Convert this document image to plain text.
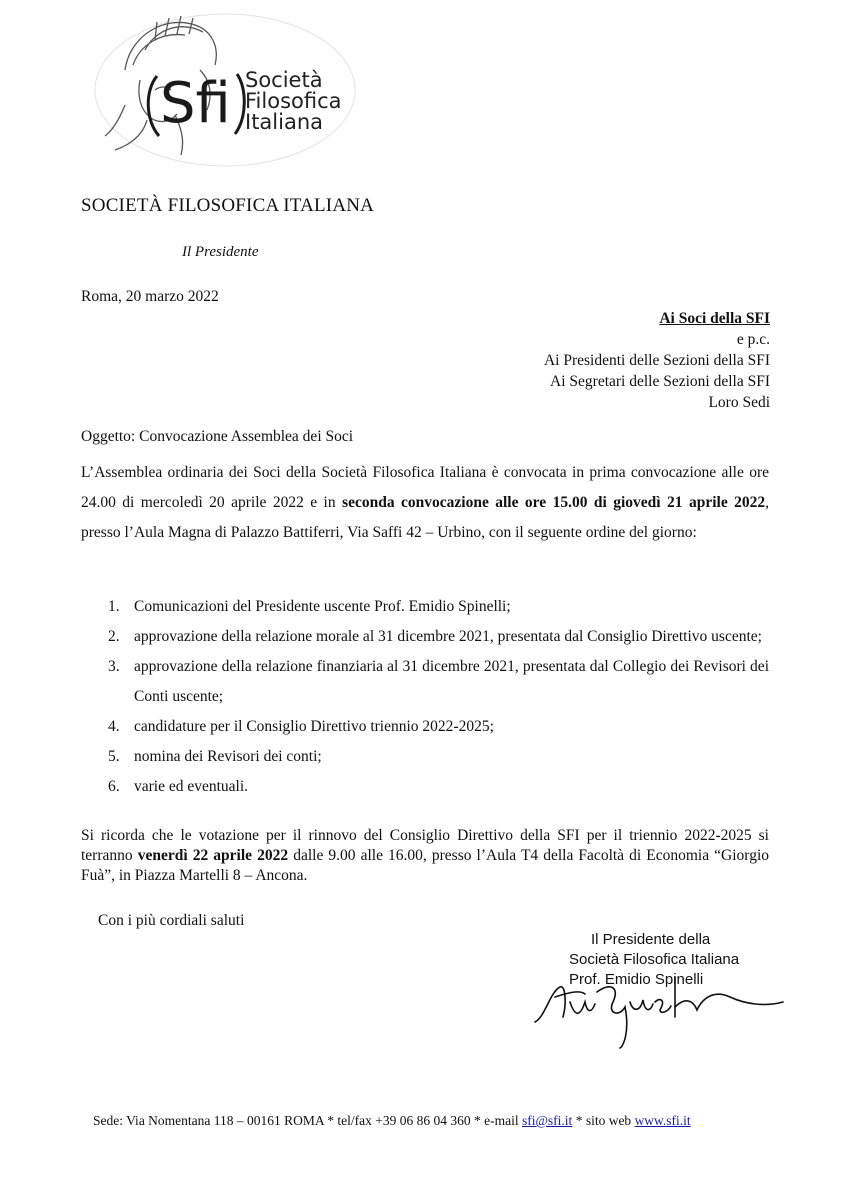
Sfi Società
Filosofica
Italiana
SOCIETÀ FILOSOFICA ITALIANA
Il Presidente
Roma, 20 marzo 2022
Ai Soci della SFI
e p.c.
Ai Presidenti delle Sezioni della SFI
Ai Segretari delle Sezioni della SFI
Loro Sedi
Oggetto: Convocazione Assemblea dei Soci
L’Assemblea ordinaria dei Soci della Società Filosofica Italiana è convocata in prima convocazione alle ore 24.00 di mercoledì 20 aprile 2022 e in seconda convocazione alle ore 15.00 di giovedì 21 aprile 2022, presso l’Aula Magna di Palazzo Battiferri, Via Saffi 42 – Urbino, con il seguente ordine del giorno:
1. Comunicazioni del Presidente uscente Prof. Emidio Spinelli;
2. approvazione della relazione morale al 31 dicembre 2021, presentata dal Consiglio Direttivo uscente;
3. approvazione della relazione finanziaria al 31 dicembre 2021, presentata dal Collegio dei Revisori dei Conti uscente;
4. candidature per il Consiglio Direttivo triennio 2022-2025;
5. nomina dei Revisori dei conti;
6. varie ed eventuali.
Si ricorda che le votazione per il rinnovo del Consiglio Direttivo della SFI per il triennio 2022-2025 si terranno venerdì 22 aprile 2022 dalle 9.00 alle 16.00, presso l’Aula T4 della Facoltà di Economia “Giorgio Fuà”, in Piazza Martelli 8 – Ancona.
Con i più cordiali saluti
Il Presidente della
Società Filosofica Italiana
Prof. Emidio Spinelli
Sede: Via Nomentana 118 – 00161 ROMA * tel/fax +39 06 86 04 360 * e-mail sfi@sfi.it * sito web www.sfi.it
